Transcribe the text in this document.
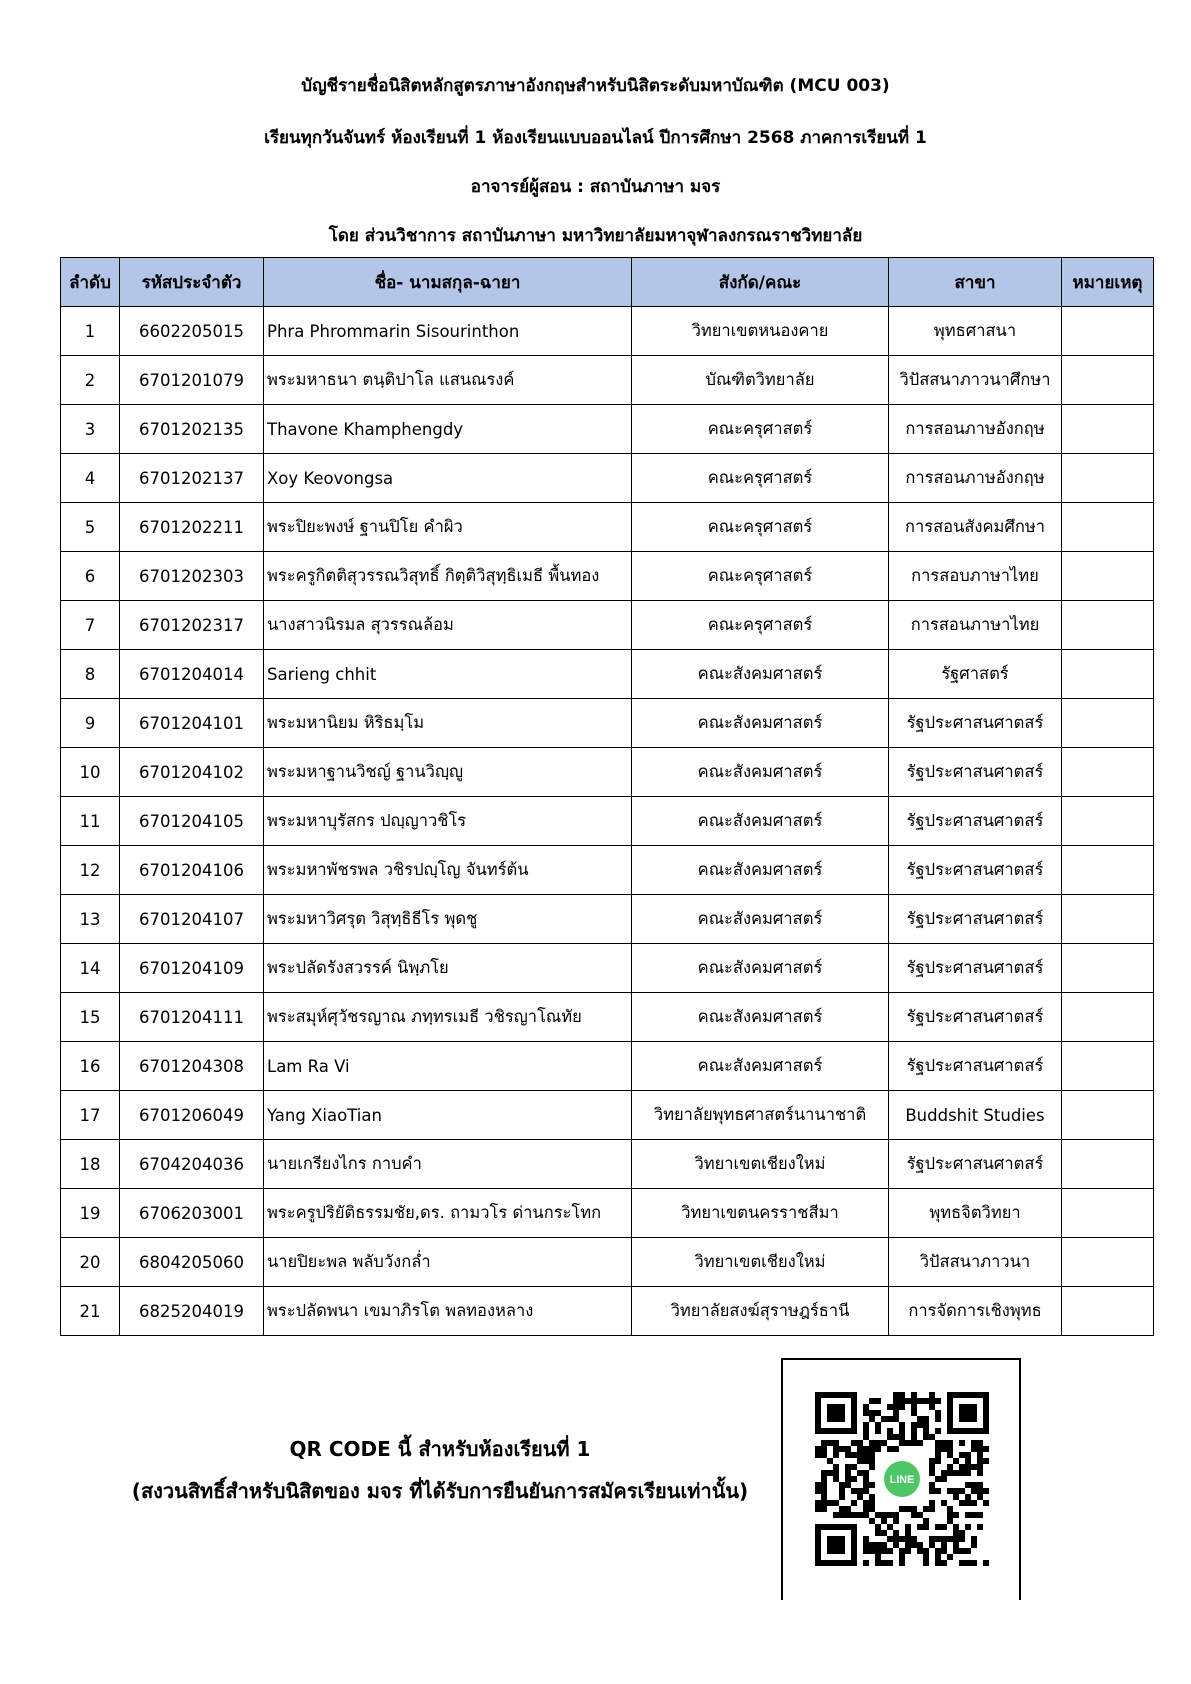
บัญชีรายชื่อนิสิตหลักสูตรภาษาอังกฤษสำหรับนิสิตระดับมหาบัณฑิต (MCU 003)
เรียนทุกวันจันทร์ ห้องเรียนที่ 1 ห้องเรียนแบบออนไลน์ ปีการศึกษา 2568 ภาคการเรียนที่ 1
อาจารย์ผู้สอน : สถาบันภาษา มจร
โดย ส่วนวิชาการ สถาบันภาษา มหาวิทยาลัยมหาจุฬาลงกรณราชวิทยาลัย
ลำดับ	รหัสประจำตัว	ชื่อ- นามสกุล-ฉายา	สังกัด/คณะ	สาขา	หมายเหตุ
1	6602205015	Phra Phrommarin Sisourinthon	วิทยาเขตหนองคาย	พุทธศาสนา	
2	6701201079	พระมหาธนา ตนฺติปาโล แสนณรงค์	บัณฑิตวิทยาลัย	วิปัสสนาภาวนาศึกษา	
3	6701202135	Thavone Khamphengdy	คณะครุศาสตร์	การสอนภาษอังกฤษ	
4	6701202137	Xoy Keovongsa	คณะครุศาสตร์	การสอนภาษอังกฤษ	
5	6701202211	พระปิยะพงษ์ ฐานปิโย คำผิว	คณะครุศาสตร์	การสอนสังคมศึกษา	
6	6701202303	พระครูกิตติสุวรรณวิสุทธิ์ กิตฺติวิสุทฺธิเมธี พื้นทอง	คณะครุศาสตร์	การสอบภาษาไทย	
7	6701202317	นางสาวนิรมล สุวรรณล้อม	คณะครุศาสตร์	การสอนภาษาไทย	
8	6701204014	Sarieng chhit	คณะสังคมศาสตร์	รัฐศาสตร์	
9	6701204101	พระมหานิยม หิริธมฺโม	คณะสังคมศาสตร์	รัฐประศาสนศาตสร์	
10	6701204102	พระมหาฐานวิชญ์ ฐานวิญฺญู	คณะสังคมศาสตร์	รัฐประศาสนศาตสร์	
11	6701204105	พระมหาบุรัสกร ปญฺญาวชิโร	คณะสังคมศาสตร์	รัฐประศาสนศาตสร์	
12	6701204106	พระมหาพัชรพล วชิรปญฺโญ จันทร์ต้น	คณะสังคมศาสตร์	รัฐประศาสนศาตสร์	
13	6701204107	พระมหาวิศรุต วิสุทฺธิธีโร พุดชู	คณะสังคมศาสตร์	รัฐประศาสนศาตสร์	
14	6701204109	พระปลัดรังสวรรค์ นิพฺภโย	คณะสังคมศาสตร์	รัฐประศาสนศาตสร์	
15	6701204111	พระสมุห์ศุวัชรญาณ ภทฺทรเมธี วชิรญาโณทัย	คณะสังคมศาสตร์	รัฐประศาสนศาตสร์	
16	6701204308	Lam Ra Vi	คณะสังคมศาสตร์	รัฐประศาสนศาตสร์	
17	6701206049	Yang XiaoTian	วิทยาลัยพุทธศาสตร์นานาชาติ	Buddshit Studies	
18	6704204036	นายเกรียงไกร กาบคำ	วิทยาเขตเชียงใหม่	รัฐประศาสนศาตสร์	
19	6706203001	พระครูปริยัติธรรมชัย,ดร. ถามวโร ด่านกระโทก	วิทยาเขตนครราชสีมา	พุทธจิตวิทยา	
20	6804205060	นายปิยะพล พลับวังกล่ำ	วิทยาเขตเชียงใหม่	วิปัสสนาภาวนา	
21	6825204019	พระปลัดพนา เขมาภิรโต พลทองหลาง	วิทยาลัยสงฆ์สุราษฎร์ธานี	การจัดการเชิงพุทธ	
QR CODE นี้ สำหรับห้องเรียนที่ 1
(สงวนสิทธิ์สำหรับนิสิตของ มจร ที่ได้รับการยืนยันการสมัครเรียนเท่านั้น)	LINE
